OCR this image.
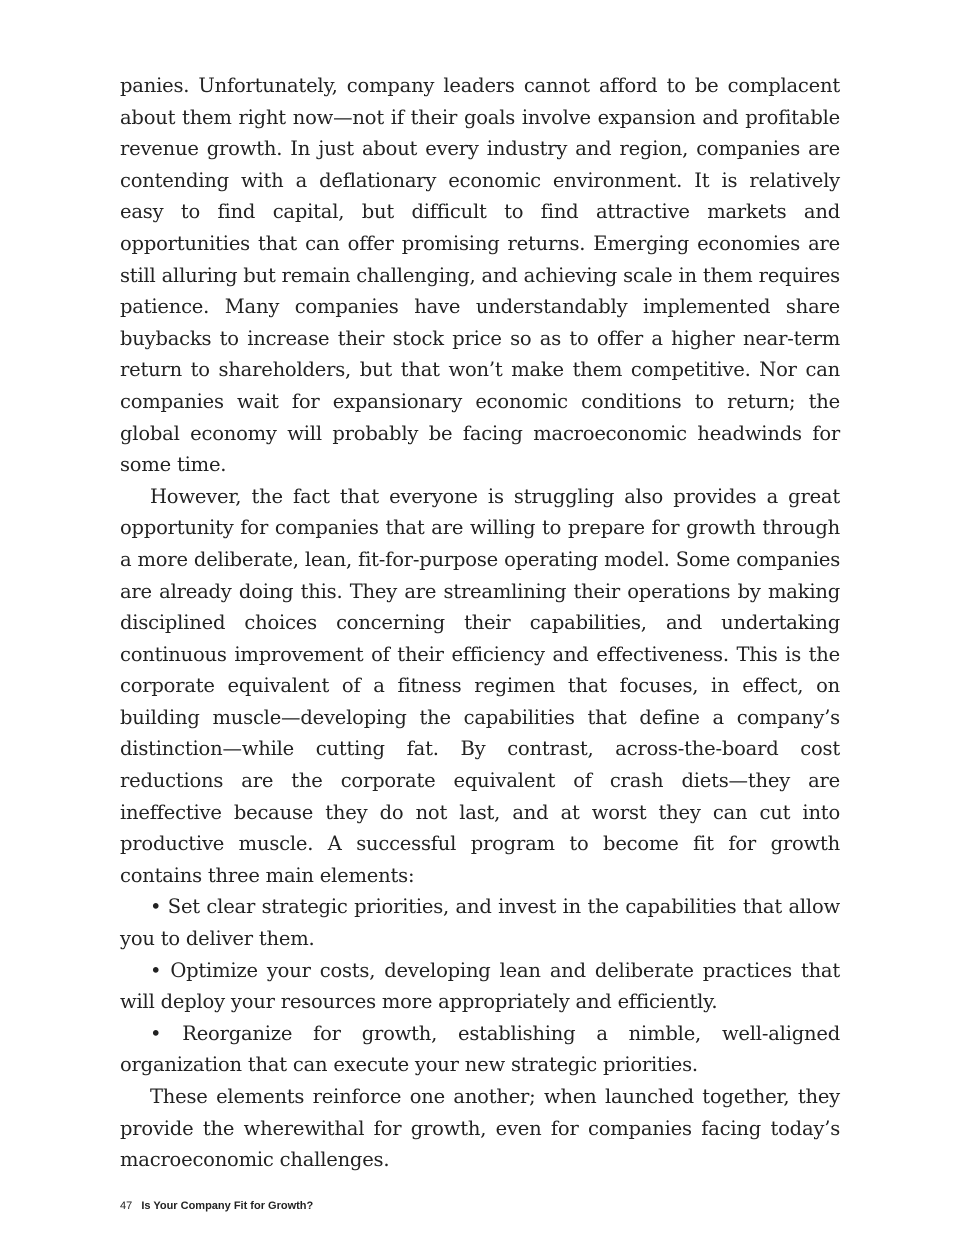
panies. Unfortunately, company leaders cannot afford to be complacent about them right now—not if their goals involve expansion and profitable revenue growth. In just about every industry and region, companies are contending with a deflationary economic environment. It is relatively easy to find capital, but difficult to find attractive markets and opportunities that can offer promising returns. Emerging economies are still alluring but remain challenging, and achieving scale in them requires patience. Many companies have understandably implemented share buybacks to increase their stock price so as to offer a higher near-term return to shareholders, but that won’t make them competitive. Nor can companies wait for expansionary economic conditions to return; the global economy will probably be facing macroeconomic headwinds for some time.

However, the fact that everyone is struggling also provides a great opportunity for companies that are willing to prepare for growth through a more deliberate, lean, fit-for-purpose operating model. Some companies are already doing this. They are streamlining their operations by making disciplined choices concerning their capabilities, and undertaking continuous improvement of their efficiency and effectiveness. This is the corporate equivalent of a fitness regimen that focuses, in effect, on building muscle—developing the capabilities that define a company’s distinction—while cutting fat. By contrast, across-the-board cost reductions are the corporate equivalent of crash diets—they are ineffective because they do not last, and at worst they can cut into productive muscle. A successful program to become fit for growth contains three main elements:

• Set clear strategic priorities, and invest in the capabilities that allow you to deliver them.

• Optimize your costs, developing lean and deliberate practices that will deploy your resources more appropriately and efficiently.

• Reorganize for growth, establishing a nimble, well-aligned organization that can execute your new strategic priorities.

These elements reinforce one another; when launched together, they provide the wherewithal for growth, even for companies facing today’s macroeconomic challenges.

47 Is Your Company Fit for Growth?
